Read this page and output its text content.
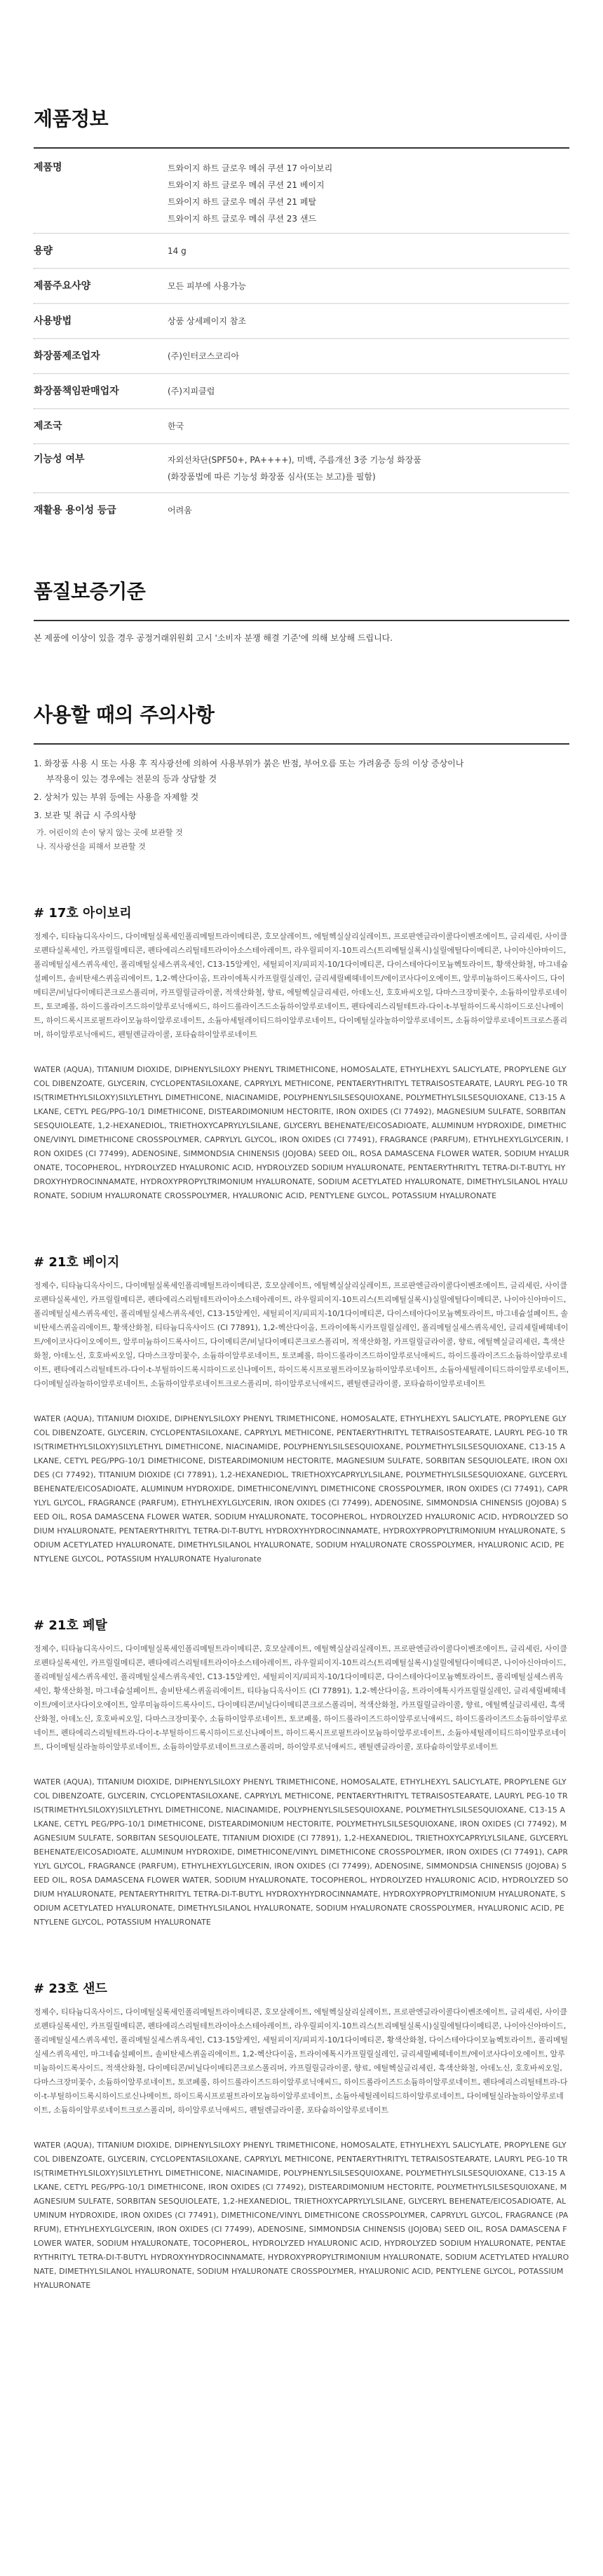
제품정보
제품명	트와이지 하트 글로우 메쉬 쿠션 17 아이보리
트와이지 하트 글로우 메쉬 쿠션 21 베이지
트와이지 하트 글로우 메쉬 쿠션 21 페탈
트와이지 하트 글로우 메쉬 쿠션 23 샌드
용량	14 g
제품주요사양	모든 피부에 사용가능
사용방법	상품 상세페이지 참조
화장품제조업자	(주)인터코스코리아
화장품책임판매업자	(주)지피클럽
제조국	한국
기능성 여부	자외선차단(SPF50+, PA++++), 미백, 주름개선 3중 기능성 화장품
(화장품법에 따른 기능성 화장품 심사(또는 보고)를 필함)
재활용 용이성 등급	어려움
품질보증기준

본 제품에 이상이 있을 경우 공정거래위원회 고시 '소비자 분쟁 해결 기준'에 의해 보상해 드립니다.

사용할 때의 주의사항
1. 화장품 사용 시 또는 사용 후 직사광선에 의하여 사용부위가 붉은 반점, 부어오름 또는 가려움증 등의 이상 증상이나
부작용이 있는 경우에는 전문의 등과 상담할 것
2. 상처가 있는 부위 등에는 사용을 자제할 것
3. 보관 및 취급 시 주의사항
가. 어린이의 손이 닿지 않는 곳에 보관할 것
나. 직사광선을 피해서 보관할 것
# 17호 아이보리

정제수, 티타늄디옥사이드, 다이메틸실록세인폴리메틸트라이메티콘, 호모살레이트, 에틸헥실살리실레이트, 프로판엔글라이콜다이벤조에이트, 글리세린, 사이클로펜타실록세인, 카프릴릴메티콘, 펜타에리스리틸테트라이아소스테아레이트, 라우릴피이지-10트리스(트리메틸실록시)실릴에틸다이메티콘, 나이아신아마이드, 폴리메틸실세스퀴옥세인, 폴리메틸실세스퀴옥세인, C13-15알케인, 세틸피이지/피피지-10/1다이메티콘, 다이스테아다이모늄헥토라이트, 황색산화철, 마그네슘설페이트, 솔비탄세스퀴올리에이트, 1,2-헥산다이올, 트라이에톡시카프릴릴실레인, 글리세릴베헤네이트/에이코사다이오에이트, 알루미늄하이드록사이드, 다이메티콘/비닐다이메티콘크로스폴리머, 카프릴릴글라이콜, 적색산화철, 향료, 에틸헥실글리세린, 아데노신, 호호바씨오일, 다마스크장미꽃수, 소듐하이알루로네이트, 토코페롤, 하이드롤라이즈드하이알루로닉애씨드, 하이드롤라이즈드소듐하이알루로네이트, 펜타에리스리틸테트라-다이-t-부틸하이드록시하이드로신나메이트, 하이드록시프로필트라이모늄하이알루로네이트, 소듐아세틸레이티드하이알루로네이트, 다이메틸실라놀하이알루로네이트, 소듐하이알루로네이트크로스폴리머, 하이알루로닉애씨드, 펜틸렌글라이콜, 포타슘하이알루로네이트

WATER (AQUA), TITANIUM DIOXIDE, DIPHENYLSILOXY PHENYL TRIMETHICONE, HOMOSALATE, ETHYLHEXYL SALICYLATE, PROPYLENE GLYCOL DIBENZOATE, GLYCERIN, CYCLOPENTASILOXANE, CAPRYLYL METHICONE, PENTAERYTHRITYL TETRAISOSTEARATE, LAURYL PEG-10 TRIS(TRIMETHYLSILOXY)SILYLETHYL DIMETHICONE, NIACINAMIDE, POLYPHENYLSILSESQUIOXANE, POLYMETHYLSILSESQUIOXANE, C13-15 ALKANE, CETYL PEG/PPG-10/1 DIMETHICONE, DISTEARDIMONIUM HECTORITE, IRON OXIDES (CI 77492), MAGNESIUM SULFATE, SORBITAN SESQUIOLEATE, 1,2-HEXANEDIOL, TRIETHOXYCAPRYLYLSILANE, GLYCERYL BEHENATE/EICOSADIOATE, ALUMINUM HYDROXIDE, DIMETHICONE/VINYL DIMETHICONE CROSSPOLYMER, CAPRYLYL GLYCOL, IRON OXIDES (CI 77491), FRAGRANCE (PARFUM), ETHYLHEXYLGLYCERIN, IRON OXIDES (CI 77499), ADENOSINE, SIMMONDSIA CHINENSIS (JOJOBA) SEED OIL, ROSA DAMASCENA FLOWER WATER, SODIUM HYALURONATE, TOCOPHEROL, HYDROLYZED HYALURONIC ACID, HYDROLYZED SODIUM HYALURONATE, PENTAERYTHRITYL TETRA-DI-T-BUTYL HYDROXYHYDROCINNAMATE, HYDROXYPROPYLTRIMONIUM HYALURONATE, SODIUM ACETYLATED HYALURONATE, DIMETHYLSILANOL HYALURONATE, SODIUM HYALURONATE CROSSPOLYMER, HYALURONIC ACID, PENTYLENE GLYCOL, POTASSIUM HYALURONATE

# 21호 베이지

정제수, 티타늄디옥사이드, 다이메틸실록세인폴리메틸트라이메티콘, 호모살레이트, 에틸헥실살리실레이트, 프로판엔글라이콜다이벤조에이트, 글리세린, 사이클로펜타실록세인, 카프릴릴메티콘, 펜타에리스리틸테트라이아소스테아레이트, 라우릴피이지-10트리스(트리메틸실록시)실릴에틸다이메티콘, 나이아신아마이드, 폴리메틸실세스퀴옥세인, 폴리메틸실세스퀴옥세인, C13-15알케인, 세틸피이지/피피지-10/1다이메티콘, 다이스테아다이모늄헥토라이트, 마그네슘설페이트, 솔비탄세스퀴올리에이트, 황색산화철, 티타늄디옥사이드 (CI 77891), 1,2-헥산다이올, 트라이에톡시카프릴릴실레인, 폴리메틸실세스퀴옥세인, 글리세릴베헤네이트/에이코사다이오에이트, 알루미늄하이드록사이드, 다이메티콘/비닐다이메티콘크로스폴리머, 적색산화철, 카프릴릴글라이콜, 향료, 에틸헥실글리세린, 흑색산화철, 아데노신, 호호바씨오일, 다마스크장미꽃수, 소듐하이알루로네이트, 토코페롤, 하이드롤라이즈드하이알루로닉애씨드, 하이드롤라이즈드소듐하이알루로네이트, 펜타에리스리틸테트라-다이-t-부틸하이드록시하이드로신나메이트, 하이드록시프로필트라이모늄하이알루로네이트, 소듐아세틸레이티드하이알루로네이트, 다이메틸실라놀하이알루로네이트, 소듐하이알루로네이트크로스폴리머, 하이알루로닉애씨드, 펜틸렌글라이콜, 포타슘하이알루로네이트

WATER (AQUA), TITANIUM DIOXIDE, DIPHENYLSILOXY PHENYL TRIMETHICONE, HOMOSALATE, ETHYLHEXYL SALICYLATE, PROPYLENE GLYCOL DIBENZOATE, GLYCERIN, CYCLOPENTASILOXANE, CAPRYLYL METHICONE, PENTAERYTHRITYL TETRAISOSTEARATE, LAURYL PEG-10 TRIS(TRIMETHYLSILOXY)SILYLETHYL DIMETHICONE, NIACINAMIDE, POLYPHENYLSILSESQUIOXANE, POLYMETHYLSILSESQUIOXANE, C13-15 ALKANE, CETYL PEG/PPG-10/1 DIMETHICONE, DISTEARDIMONIUM HECTORITE, MAGNESIUM SULFATE, SORBITAN SESQUIOLEATE, IRON OXIDES (CI 77492), TITANIUM DIOXIDE (CI 77891), 1,2-HEXANEDIOL, TRIETHOXYCAPRYLYLSILANE, POLYMETHYLSILSESQUIOXANE, GLYCERYL BEHENATE/EICOSADIOATE, ALUMINUM HYDROXIDE, DIMETHICONE/VINYL DIMETHICONE CROSSPOLYMER, IRON OXIDES (CI 77491), CAPRYLYL GLYCOL, FRAGRANCE (PARFUM), ETHYLHEXYLGLYCERIN, IRON OXIDES (CI 77499), ADENOSINE, SIMMONDSIA CHINENSIS (JOJOBA) SEED OIL, ROSA DAMASCENA FLOWER WATER, SODIUM HYALURONATE, TOCOPHEROL, HYDROLYZED HYALURONIC ACID, HYDROLYZED SODIUM HYALURONATE, PENTAERYTHRITYL TETRA-DI-T-BUTYL HYDROXYHYDROCINNAMATE, HYDROXYPROPYLTRIMONIUM HYALURONATE, SODIUM ACETYLATED HYALURONATE, DIMETHYLSILANOL HYALURONATE, SODIUM HYALURONATE CROSSPOLYMER, HYALURONIC ACID, PENTYLENE GLYCOL, POTASSIUM HYALURONATE Hyaluronate

# 21호 페탈

정제수, 티타늄디옥사이드, 다이메틸실록세인폴리메틸트라이메티콘, 호모살레이트, 에틸헥실살리실레이트, 프로판엔글라이콜다이벤조에이트, 글리세린, 사이클로펜타실록세인, 카프릴릴메티콘, 펜타에리스리틸테트라이아소스테아레이트, 라우릴피이지-10트리스(트리메틸실록시)실릴에틸다이메티콘, 나이아신아마이드, 폴리메틸실세스퀴옥세인, 폴리메틸실세스퀴옥세인, C13-15알케인, 세틸피이지/피피지-10/1다이메티콘, 다이스테아다이모늄헥토라이트, 폴리메틸실세스퀴옥세인, 황색산화철, 마그네슘설페이트, 솔비탄세스퀴올리에이트, 티타늄디옥사이드 (CI 77891), 1,2-헥산다이올, 트라이에톡시카프릴릴실레인, 글리세릴베헤네이트/에이코사다이오에이트, 알루미늄하이드록사이드, 다이메티콘/비닐다이메티콘크로스폴리머, 적색산화철, 카프릴릴글라이콜, 향료, 에틸헥실글리세린, 흑색산화철, 아데노신, 호호바씨오일, 다마스크장미꽃수, 소듐하이알루로네이트, 토코페롤, 하이드롤라이즈드하이알루로닉애씨드, 하이드롤라이즈드소듐하이알루로네이트, 펜타에리스리틸테트라-다이-t-부틸하이드록시하이드로신나메이트, 하이드록시프로필트라이모늄하이알루로네이트, 소듐아세틸레이티드하이알루로네이트, 다이메틸실라놀하이알루로네이트, 소듐하이알루로네이트크로스폴리머, 하이알루로닉애씨드, 펜틸렌글라이콜, 포타슘하이알루로네이트

WATER (AQUA), TITANIUM DIOXIDE, DIPHENYLSILOXY PHENYL TRIMETHICONE, HOMOSALATE, ETHYLHEXYL SALICYLATE, PROPYLENE GLYCOL DIBENZOATE, GLYCERIN, CYCLOPENTASILOXANE, CAPRYLYL METHICONE, PENTAERYTHRITYL TETRAISOSTEARATE, LAURYL PEG-10 TRIS(TRIMETHYLSILOXY)SILYLETHYL DIMETHICONE, NIACINAMIDE, POLYPHENYLSILSESQUIOXANE, POLYMETHYLSILSESQUIOXANE, C13-15 ALKANE, CETYL PEG/PPG-10/1 DIMETHICONE, DISTEARDIMONIUM HECTORITE, POLYMETHYLSILSESQUIOXANE, IRON OXIDES (CI 77492), MAGNESIUM SULFATE, SORBITAN SESQUIOLEATE, TITANIUM DIOXIDE (CI 77891), 1,2-HEXANEDIOL, TRIETHOXYCAPRYLYLSILANE, GLYCERYL BEHENATE/EICOSADIOATE, ALUMINUM HYDROXIDE, DIMETHICONE/VINYL DIMETHICONE CROSSPOLYMER, IRON OXIDES (CI 77491), CAPRYLYL GLYCOL, FRAGRANCE (PARFUM), ETHYLHEXYLGLYCERIN, IRON OXIDES (CI 77499), ADENOSINE, SIMMONDSIA CHINENSIS (JOJOBA) SEED OIL, ROSA DAMASCENA FLOWER WATER, SODIUM HYALURONATE, TOCOPHEROL, HYDROLYZED HYALURONIC ACID, HYDROLYZED SODIUM HYALURONATE, PENTAERYTHRITYL TETRA-DI-T-BUTYL HYDROXYHYDROCINNAMATE, HYDROXYPROPYLTRIMONIUM HYALURONATE, SODIUM ACETYLATED HYALURONATE, DIMETHYLSILANOL HYALURONATE, SODIUM HYALURONATE CROSSPOLYMER, HYALURONIC ACID, PENTYLENE GLYCOL, POTASSIUM HYALURONATE

# 23호 샌드

정제수, 티타늄디옥사이드, 다이메틸실록세인폴리메틸트라이메티콘, 호모살레이트, 에틸헥실살리실레이트, 프로판엔글라이콜다이벤조에이트, 글리세린, 사이클로펜타실록세인, 카프릴릴메티콘, 펜타에리스리틸테트라이아소스테아레이트, 라우릴피이지-10트리스(트리메틸실록시)실릴에틸다이메티콘, 나이아신아마이드, 폴리메틸실세스퀴옥세인, 폴리메틸실세스퀴옥세인, C13-15알케인, 세틸피이지/피피지-10/1다이메티콘, 황색산화철, 다이스테아다이모늄헥토라이트, 폴리메틸실세스퀴옥세인, 마그네슘설페이트, 솔비탄세스퀴올리에이트, 1,2-헥산다이올, 트라이에톡시카프릴릴실레인, 글리세릴베헤네이트/에이코사다이오에이트, 알루미늄하이드록사이드, 적색산화철, 다이메티콘/비닐다이메티콘크로스폴리머, 카프릴릴글라이콜, 향료, 에틸헥실글리세린, 흑색산화철, 아데노신, 호호바씨오일, 다마스크장미꽃수, 소듐하이알루로네이트, 토코페롤, 하이드롤라이즈드하이알루로닉애씨드, 하이드롤라이즈드소듐하이알루로네이트, 펜타에리스리틸테트라-다이-t-부틸하이드록시하이드로신나메이트, 하이드록시프로필트라이모늄하이알루로네이트, 소듐아세틸레이티드하이알루로네이트, 다이메틸실라놀하이알루로네이트, 소듐하이알루로네이트크로스폴리머, 하이알루로닉애씨드, 펜틸렌글라이콜, 포타슘하이알루로네이트

WATER (AQUA), TITANIUM DIOXIDE, DIPHENYLSILOXY PHENYL TRIMETHICONE, HOMOSALATE, ETHYLHEXYL SALICYLATE, PROPYLENE GLYCOL DIBENZOATE, GLYCERIN, CYCLOPENTASILOXANE, CAPRYLYL METHICONE, PENTAERYTHRITYL TETRAISOSTEARATE, LAURYL PEG-10 TRIS(TRIMETHYLSILOXY)SILYLETHYL DIMETHICONE, NIACINAMIDE, POLYPHENYLSILSESQUIOXANE, POLYMETHYLSILSESQUIOXANE, C13-15 ALKANE, CETYL PEG/PPG-10/1 DIMETHICONE, IRON OXIDES (CI 77492), DISTEARDIMONIUM HECTORITE, POLYMETHYLSILSESQUIOXANE, MAGNESIUM SULFATE, SORBITAN SESQUIOLEATE, 1,2-HEXANEDIOL, TRIETHOXYCAPRYLYLSILANE, GLYCERYL BEHENATE/EICOSADIOATE, ALUMINUM HYDROXIDE, IRON OXIDES (CI 77491), DIMETHICONE/VINYL DIMETHICONE CROSSPOLYMER, CAPRYLYL GLYCOL, FRAGRANCE (PARFUM), ETHYLHEXYLGLYCERIN, IRON OXIDES (CI 77499), ADENOSINE, SIMMONDSIA CHINENSIS (JOJOBA) SEED OIL, ROSA DAMASCENA FLOWER WATER, SODIUM HYALURONATE, TOCOPHEROL, HYDROLYZED HYALURONIC ACID, HYDROLYZED SODIUM HYALURONATE, PENTAERYTHRITYL TETRA-DI-T-BUTYL HYDROXYHYDROCINNAMATE, HYDROXYPROPYLTRIMONIUM HYALURONATE, SODIUM ACETYLATED HYALURONATE, DIMETHYLSILANOL HYALURONATE, SODIUM HYALURONATE CROSSPOLYMER, HYALURONIC ACID, PENTYLENE GLYCOL, POTASSIUM HYALURONATE
